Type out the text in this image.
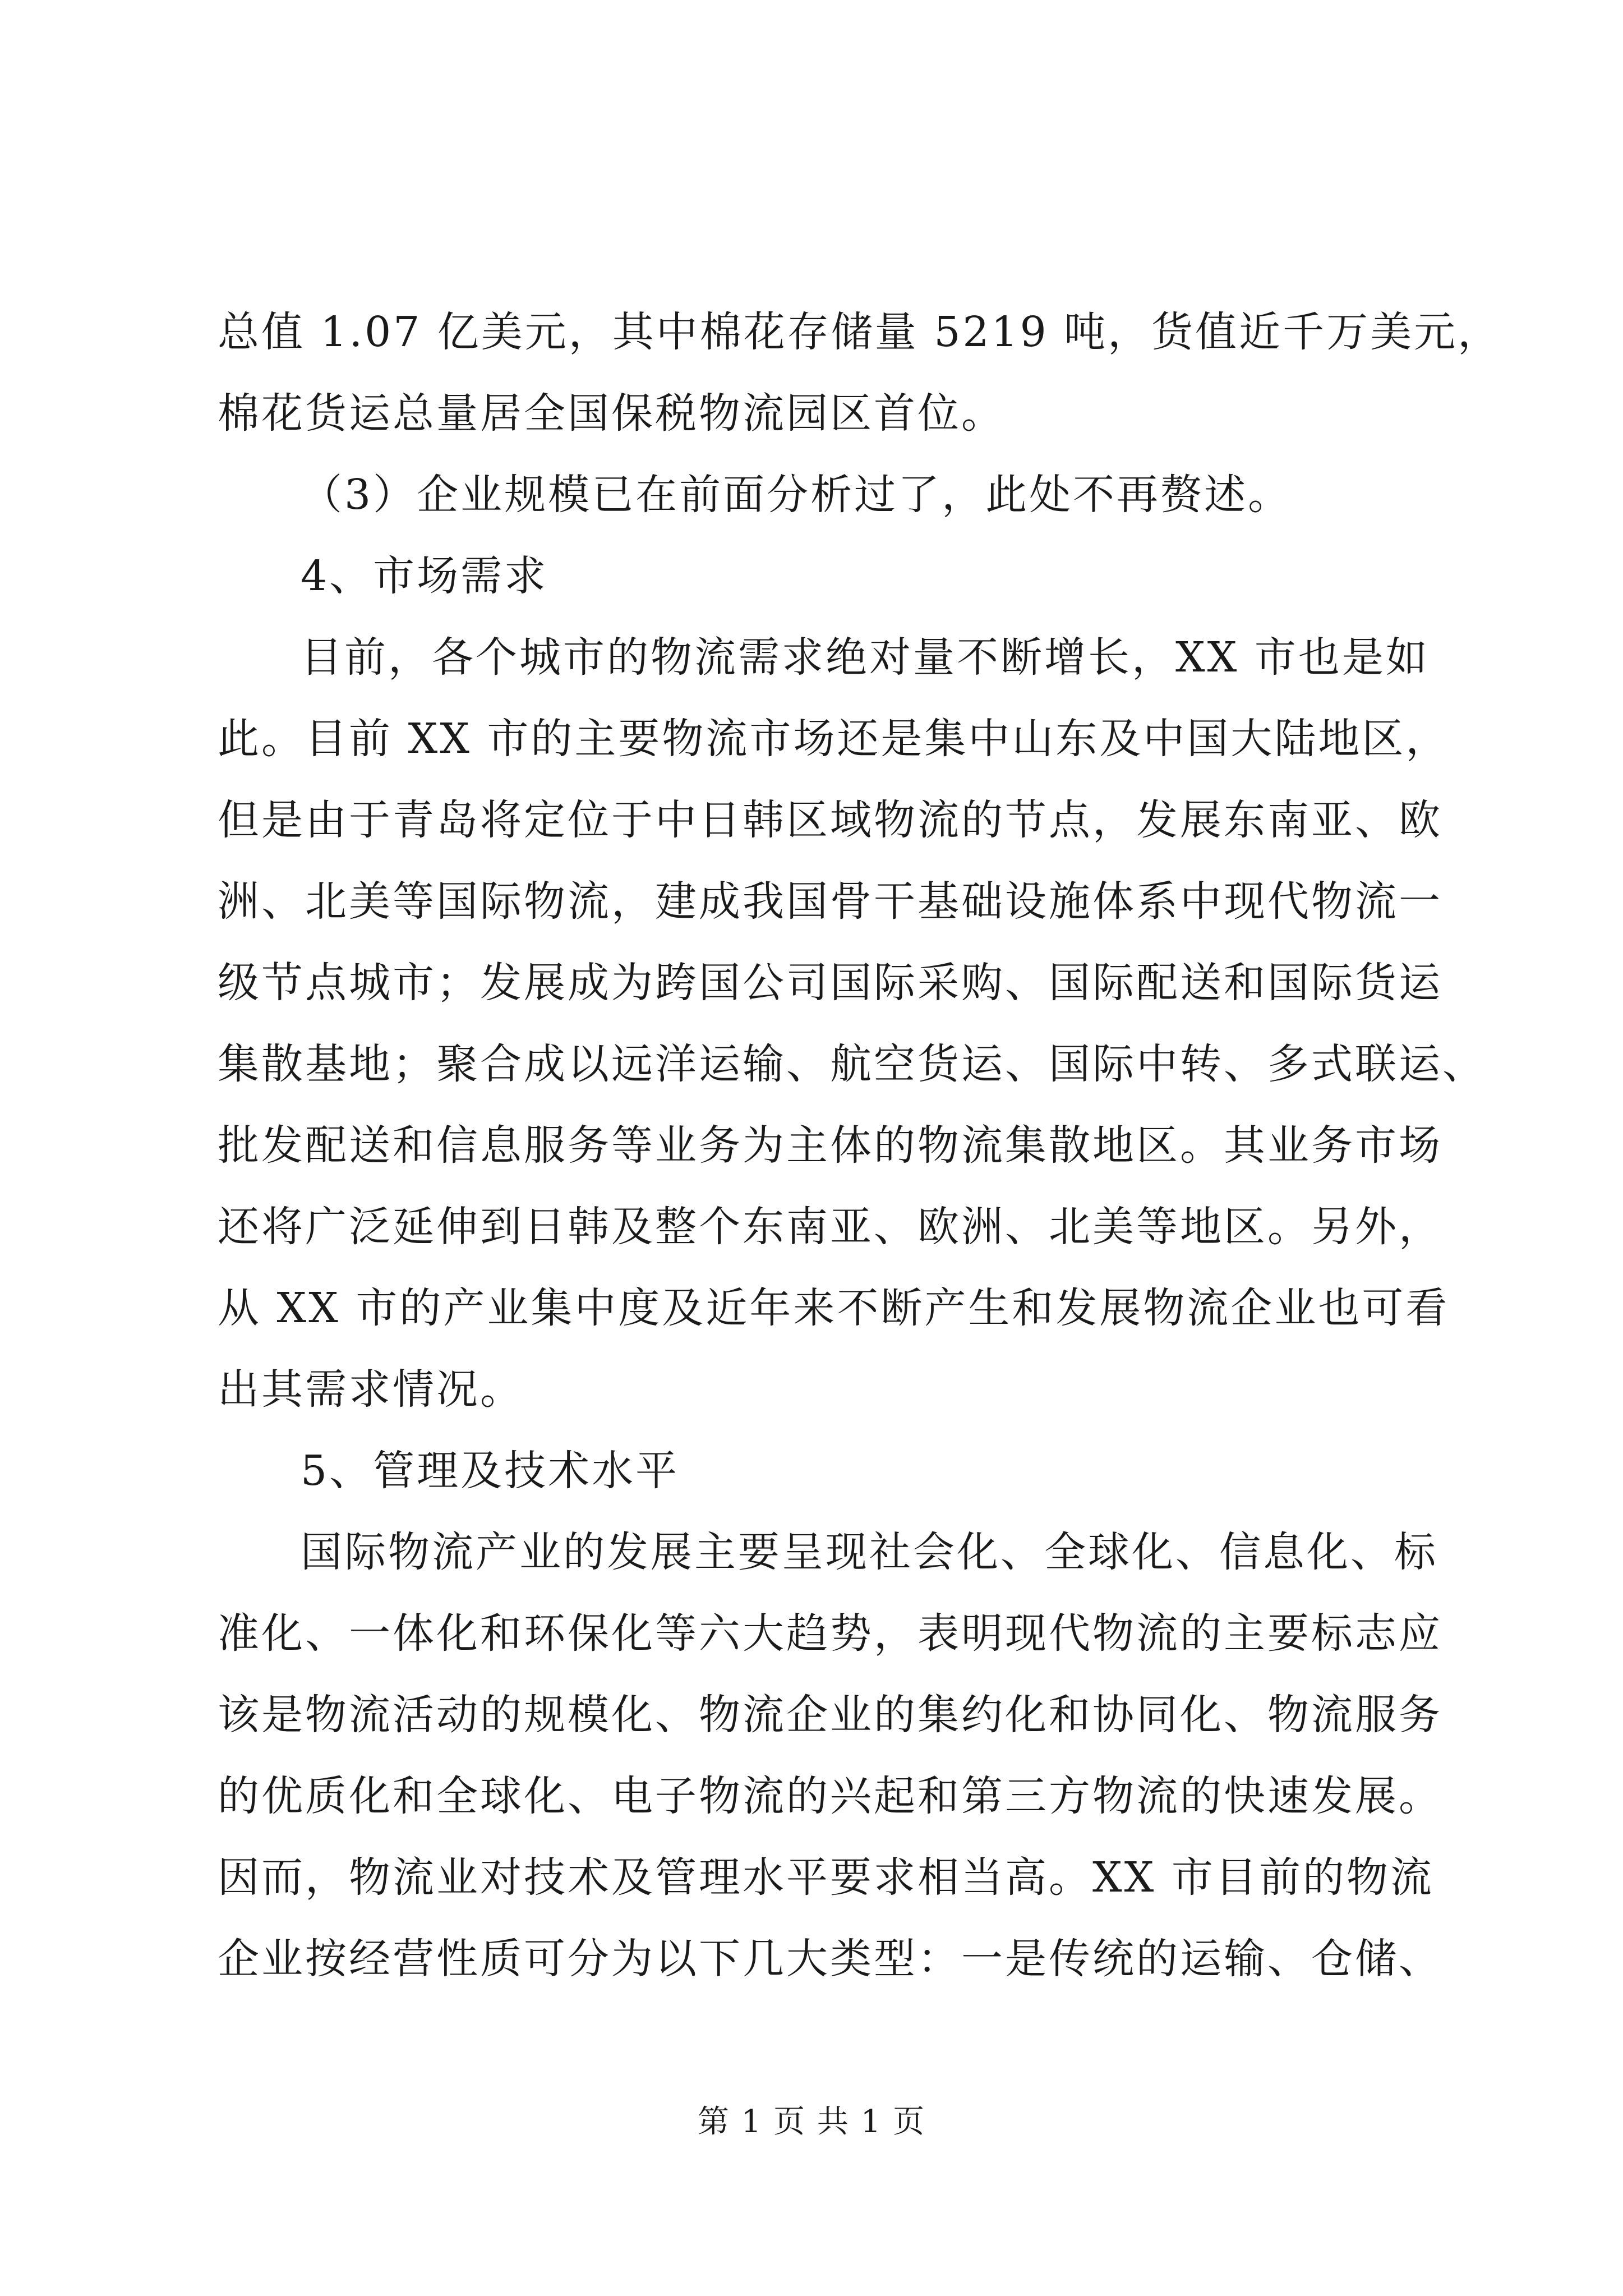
总值 1.07 亿美元，其中棉花存储量 5219 吨，货值近千万美元，
棉花货运总量居全国保税物流园区首位。
（3）企业规模已在前面分析过了，此处不再赘述。
4、市场需求
目前，各个城市的物流需求绝对量不断增长，XX 市也是如
此。目前 XX 市的主要物流市场还是集中山东及中国大陆地区，
但是由于青岛将定位于中日韩区域物流的节点，发展东南亚、欧
洲、北美等国际物流，建成我国骨干基础设施体系中现代物流一
级节点城市；发展成为跨国公司国际采购、国际配送和国际货运
集散基地；聚合成以远洋运输、航空货运、国际中转、多式联运、
批发配送和信息服务等业务为主体的物流集散地区。其业务市场
还将广泛延伸到日韩及整个东南亚、欧洲、北美等地区。另外，
从 XX 市的产业集中度及近年来不断产生和发展物流企业也可看
出其需求情况。
5、管理及技术水平
国际物流产业的发展主要呈现社会化、全球化、信息化、标
准化、一体化和环保化等六大趋势，表明现代物流的主要标志应
该是物流活动的规模化、物流企业的集约化和协同化、物流服务
的优质化和全球化、电子物流的兴起和第三方物流的快速发展。
因而，物流业对技术及管理水平要求相当高。XX 市目前的物流
企业按经营性质可分为以下几大类型：一是传统的运输、仓储、
第 1 页 共 1 页
